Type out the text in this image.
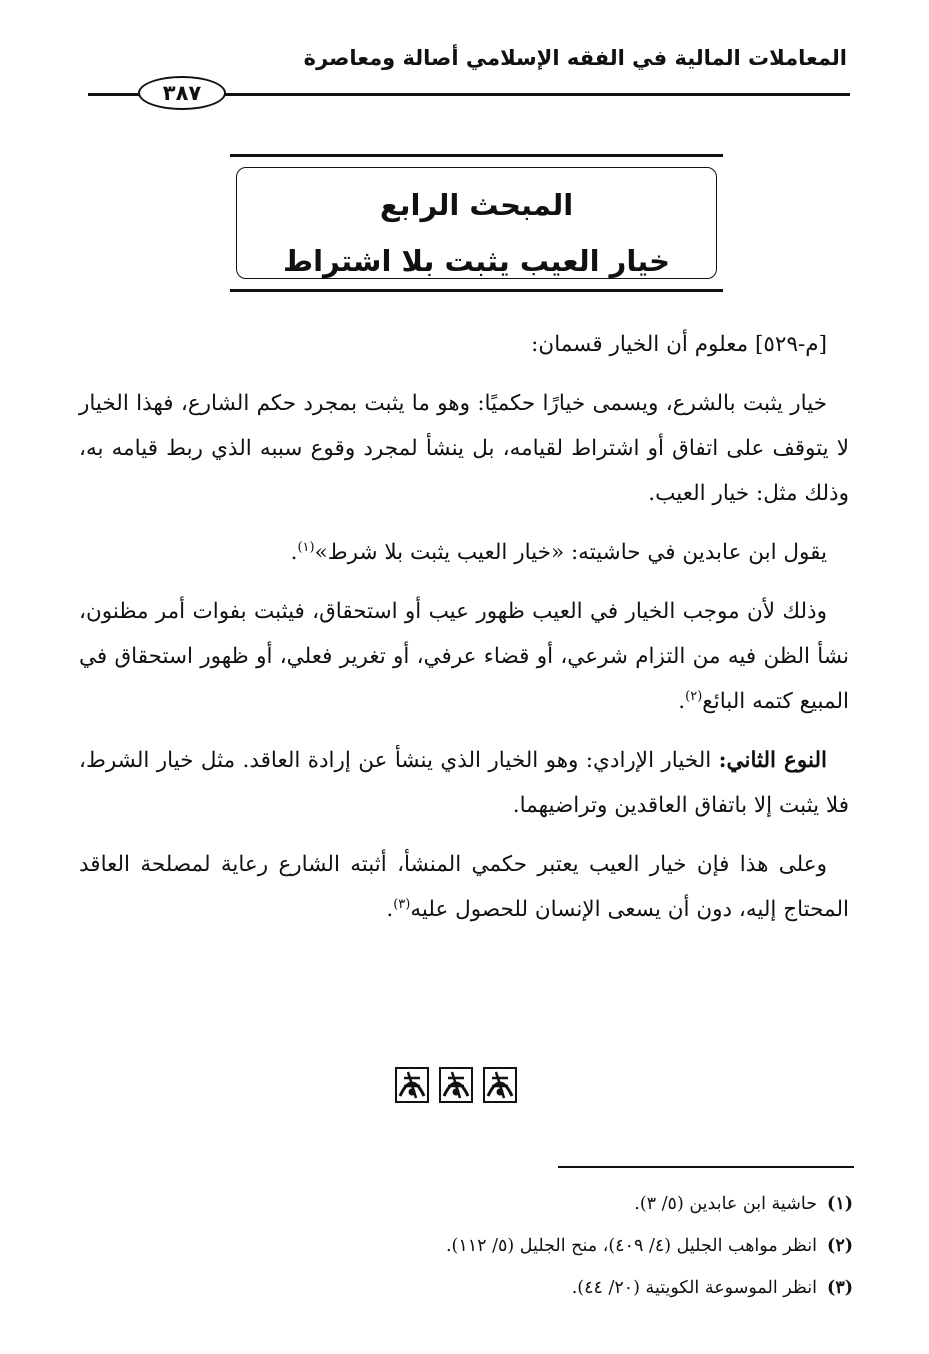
المعاملات المالية في الفقه الإسلامي أصالة ومعاصرة
٣٨٧
المبحث الرابع
خيار العيب يثبت بلا اشتراط

[م-٥٢٩] معلوم أن الخيار قسمان:

خيار يثبت بالشرع، ويسمى خيارًا حكميًا: وهو ما يثبت بمجرد حكم الشارع، فهذا الخيار لا يتوقف على اتفاق أو اشتراط لقيامه، بل ينشأ لمجرد وقوع سببه الذي ربط قيامه به، وذلك مثل: خيار العيب.

يقول ابن عابدين في حاشيته: «خيار العيب يثبت بلا شرط»$^{(١)}$.

وذلك لأن موجب الخيار في العيب ظهور عيب أو استحقاق، فيثبت بفوات أمر مظنون، نشأ الظن فيه من التزام شرعي، أو قضاء عرفي، أو تغرير فعلي، أو ظهور استحقاق في المبيع كتمه البائع$^{(٢)}$.

النوع الثاني: الخيار الإرادي: وهو الخيار الذي ينشأ عن إرادة العاقد. مثل خيار الشرط، فلا يثبت إلا باتفاق العاقدين وتراضيهما.

وعلى هذا فإن خيار العيب يعتبر حكمي المنشأ، أثبته الشارع رعاية لمصلحة العاقد المحتاج إليه، دون أن يسعى الإنسان للحصول عليه$^{(٣)}$.

(١)حاشية ابن عابدين (٥/ ٣).
(٢)انظر مواهب الجليل (٤/ ٤٠٩)، منح الجليل (٥/ ١١٢).
(٣)انظر الموسوعة الكويتية (٢٠/ ٤٤).
